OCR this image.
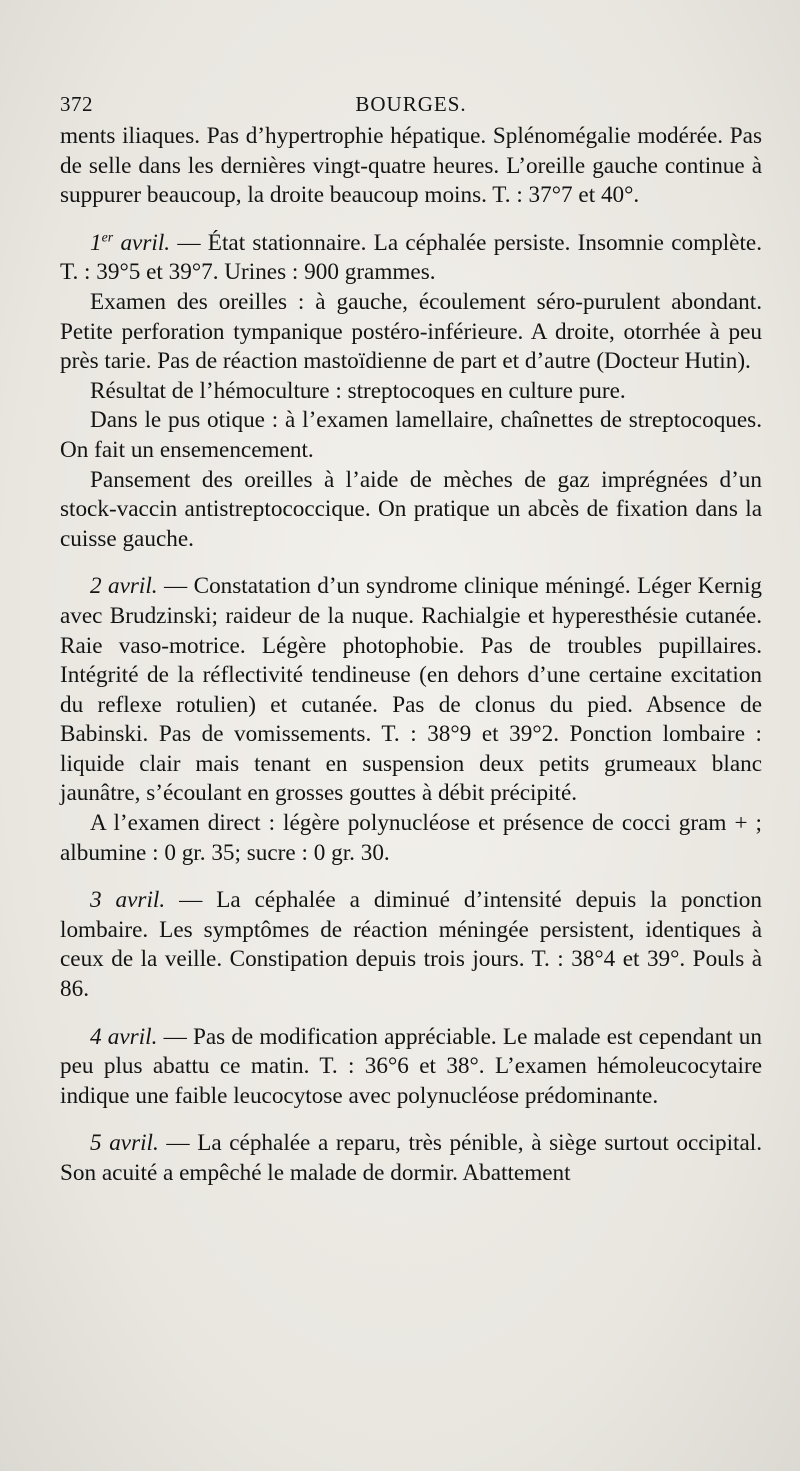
372	BOURGES.

ments iliaques. Pas d’hypertrophie hépatique. Splénomégalie modérée. Pas de selle dans les dernières vingt-quatre heures. L’oreille gauche continue à suppurer beaucoup, la droite beaucoup moins. T. : 37°7 et 40°.

1er avril. — État stationnaire. La céphalée persiste. Insomnie complète. T. : 39°5 et 39°7. Urines : 900 grammes.

Examen des oreilles : à gauche, écoulement séro-purulent abondant. Petite perforation tympanique postéro-inférieure. A droite, otorrhée à peu près tarie. Pas de réaction mastoïdienne de part et d’autre (Docteur Hutin).

Résultat de l’hémoculture : streptocoques en culture pure.

Dans le pus otique : à l’examen lamellaire, chaînettes de streptocoques. On fait un ensemencement.

Pansement des oreilles à l’aide de mèches de gaz imprégnées d’un stock-vaccin antistreptococcique. On pratique un abcès de fixation dans la cuisse gauche.

2 avril. — Constatation d’un syndrome clinique méningé. Léger Kernig avec Brudzinski; raideur de la nuque. Rachialgie et hyperesthésie cutanée. Raie vaso-motrice. Légère photophobie. Pas de troubles pupillaires. Intégrité de la réflectivité tendineuse (en dehors d’une certaine excitation du reflexe rotulien) et cutanée. Pas de clonus du pied. Absence de Babinski. Pas de vomissements. T. : 38°9 et 39°2. Ponction lombaire : liquide clair mais tenant en suspension deux petits grumeaux blanc jaunâtre, s’écoulant en grosses gouttes à débit précipité.

A l’examen direct : légère polynucléose et présence de cocci gram + ; albumine : 0 gr. 35; sucre : 0 gr. 30.

3 avril. — La céphalée a diminué d’intensité depuis la ponction lombaire. Les symptômes de réaction méningée persistent, identiques à ceux de la veille. Constipation depuis trois jours. T. : 38°4 et 39°. Pouls à 86.

4 avril. — Pas de modification appréciable. Le malade est cependant un peu plus abattu ce matin. T. : 36°6 et 38°. L’examen hémoleucocytaire indique une faible leucocytose avec polynucléose prédominante.

5 avril. — La céphalée a reparu, très pénible, à siège surtout occipital. Son acuité a empêché le malade de dormir. Abattement
